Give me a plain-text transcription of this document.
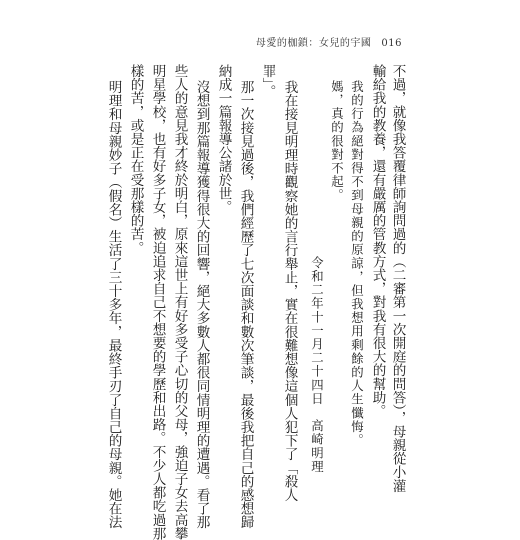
母愛的枷鎖：女兒的宇國 016
不過，就像我答覆律師詢問過的（二審第一次開庭的問答），母親從小灌
輸給我的教養，還有嚴厲的管教方式，對我有很大的幫助。
我的行為絕對得不到母親的原諒，但我想用剩餘的人生懺悔。
媽，真的很對不起。
令和二年十一月二十四日　高崎明理
我在接見明理時觀察她的言行舉止，實在很難想像這個人犯下了「殺人
罪」。
那一次接見過後，我們經歷了七次面談和數次筆談，最後我把自己的感想歸
納成一篇報導公諸於世。
沒想到那篇報導獲得很大的回響，絕大多數人都很同情明理的遭遇。看了那
些人的意見我才終於明白，原來這世上有好多受子心切的父母，強迫子女去高攀
明星學校，也有好多子女，被迫追求自己不想要的學歷和出路。不少人都吃過那
樣的苦，或是正在受那樣的苦。
明理和母親妙子（假名）生活了三十多年，最終手刃了自己的母親。她在法
